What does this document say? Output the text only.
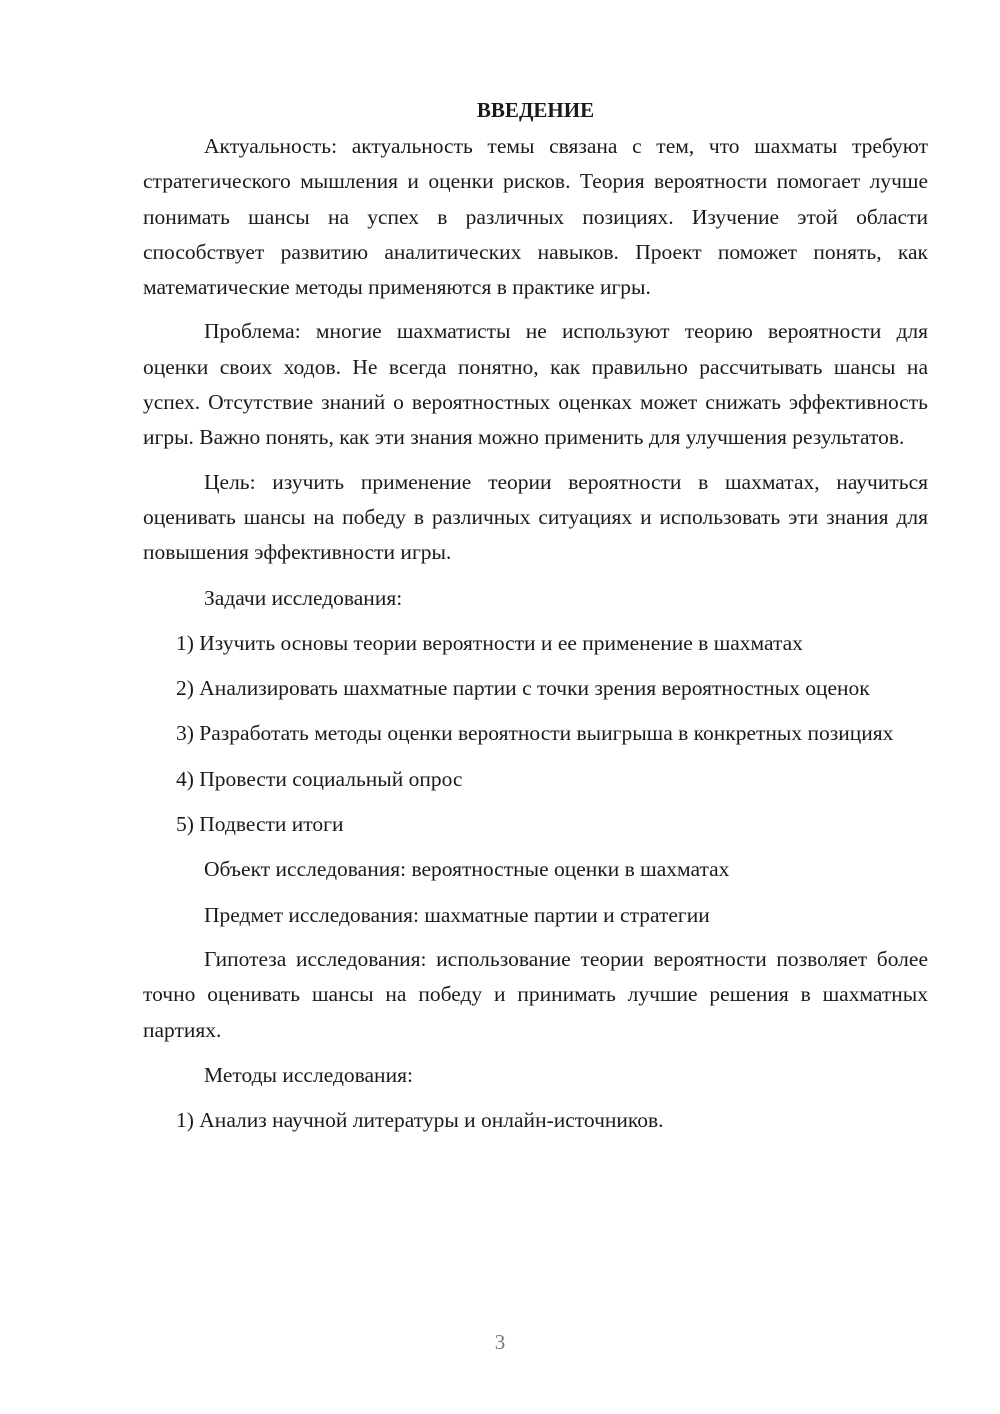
ВВЕДЕНИЕ

Актуальность: актуальность темы связана с тем, что шахматы требуют стратегического мышления и оценки рисков. Теория вероятности помогает лучше понимать шансы на успех в различных позициях. Изучение этой области способствует развитию аналитических навыков. Проект поможет понять, как математические методы применяются в практике игры.

Проблема: многие шахматисты не используют теорию вероятности для оценки своих ходов. Не всегда понятно, как правильно рассчитывать шансы на успех. Отсутствие знаний о вероятностных оценках может снижать эффективность игры. Важно понять, как эти знания можно применить для улучшения результатов.

Цель: изучить применение теории вероятности в шахматах, научиться оценивать шансы на победу в различных ситуациях и использовать эти знания для повышения эффективности игры.

Задачи исследования:

1) Изучить основы теории вероятности и ее применение в шахматах

2) Анализировать шахматные партии с точки зрения вероятностных оценок

3) Разработать методы оценки вероятности выигрыша в конкретных позициях

4) Провести социальный опрос

5) Подвести итоги

Объект исследования: вероятностные оценки в шахматах

Предмет исследования: шахматные партии и стратегии

Гипотеза исследования: использование теории вероятности позволяет более точно оценивать шансы на победу и принимать лучшие решения в шахматных партиях.

Методы исследования:

1) Анализ научной литературы и онлайн-источников.

3
